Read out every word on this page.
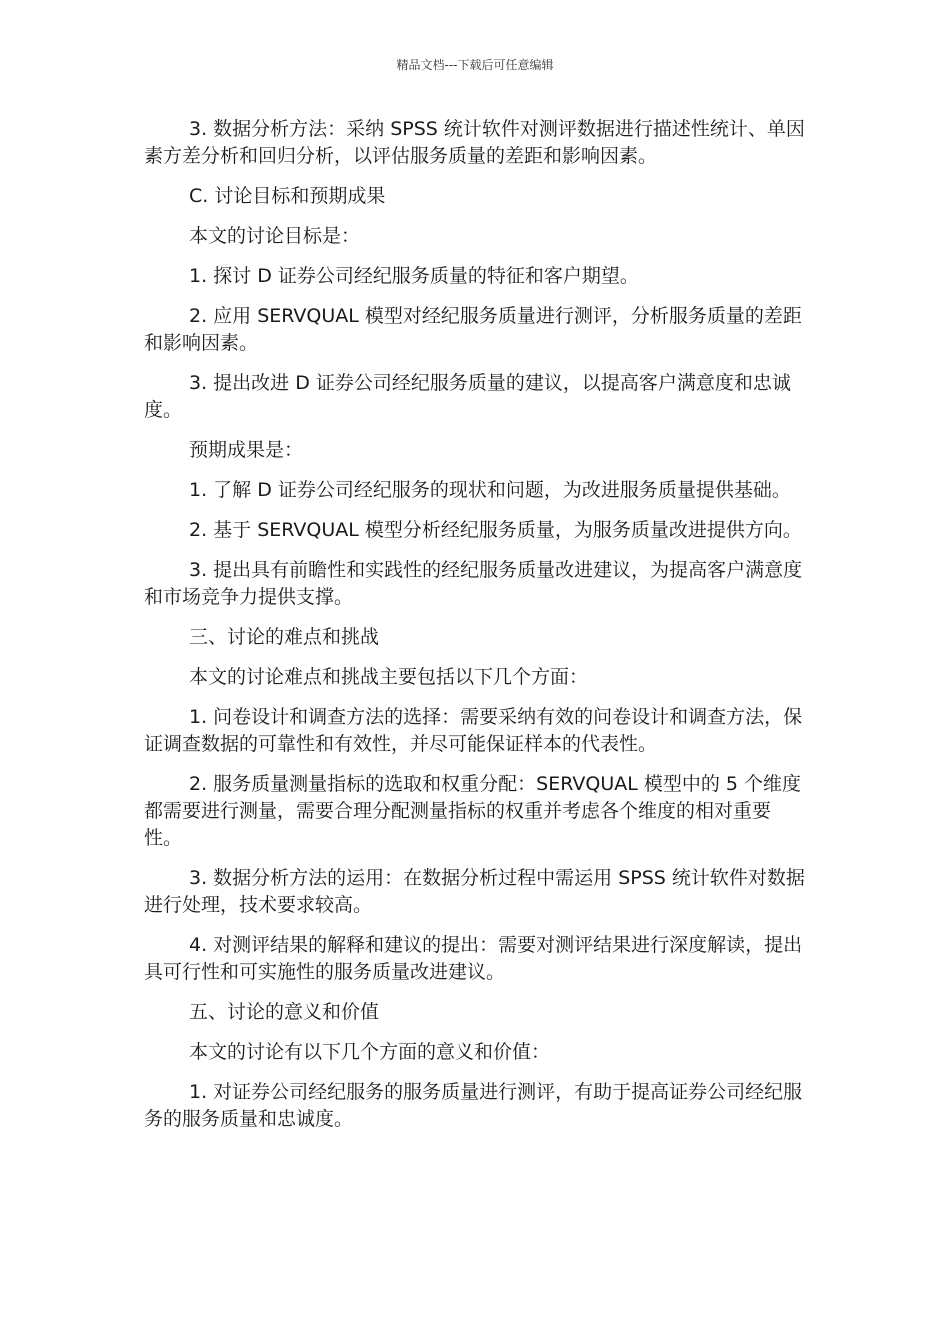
精品文档---下载后可任意编辑

3. 数据分析方法：采纳 SPSS 统计软件对测评数据进行描述性统计、单因素方差分析和回归分析，以评估服务质量的差距和影响因素。

C. 讨论目标和预期成果

本文的讨论目标是：

1. 探讨 D 证券公司经纪服务质量的特征和客户期望。

2. 应用 SERVQUAL 模型对经纪服务质量进行测评，分析服务质量的差距和影响因素。

3. 提出改进 D 证券公司经纪服务质量的建议，以提高客户满意度和忠诚度。

预期成果是：

1. 了解 D 证券公司经纪服务的现状和问题，为改进服务质量提供基础。

2. 基于 SERVQUAL 模型分析经纪服务质量，为服务质量改进提供方向。

3. 提出具有前瞻性和实践性的经纪服务质量改进建议，为提高客户满意度和市场竞争力提供支撑。

三、讨论的难点和挑战

本文的讨论难点和挑战主要包括以下几个方面：

1. 问卷设计和调查方法的选择：需要采纳有效的问卷设计和调查方法，保证调查数据的可靠性和有效性，并尽可能保证样本的代表性。

2. 服务质量测量指标的选取和权重分配：SERVQUAL 模型中的 5 个维度都需要进行测量，需要合理分配测量指标的权重并考虑各个维度的相对重要性。

3. 数据分析方法的运用：在数据分析过程中需运用 SPSS 统计软件对数据进行处理，技术要求较高。

4. 对测评结果的解释和建议的提出：需要对测评结果进行深度解读，提出具可行性和可实施性的服务质量改进建议。

五、讨论的意义和价值

本文的讨论有以下几个方面的意义和价值：

1. 对证券公司经纪服务的服务质量进行测评，有助于提高证券公司经纪服务的服务质量和忠诚度。
